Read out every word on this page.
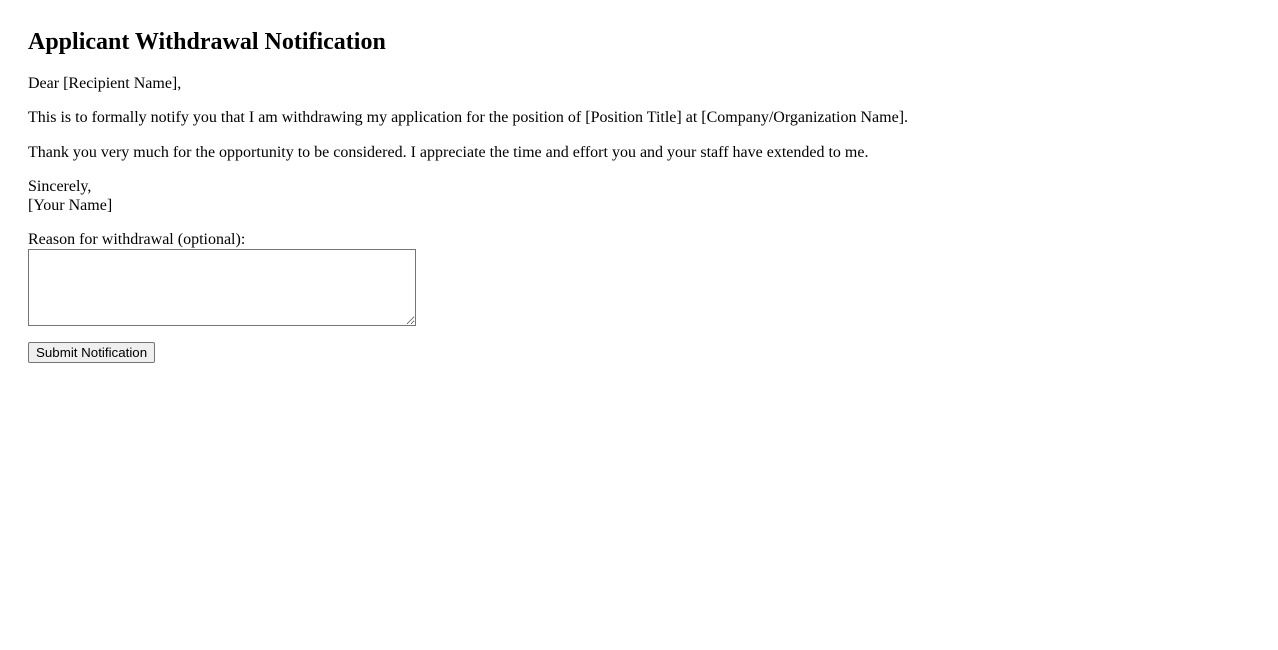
Applicant Withdrawal Notification

Dear [Recipient Name],

This is to formally notify you that I am withdrawing my application for the position of [Position Title] at [Company/Organization Name].

Thank you very much for the opportunity to be considered. I appreciate the time and effort you and your staff have extended to me.

Sincerely,
[Your Name]

Reason for withdrawal (optional):

Submit Notification
